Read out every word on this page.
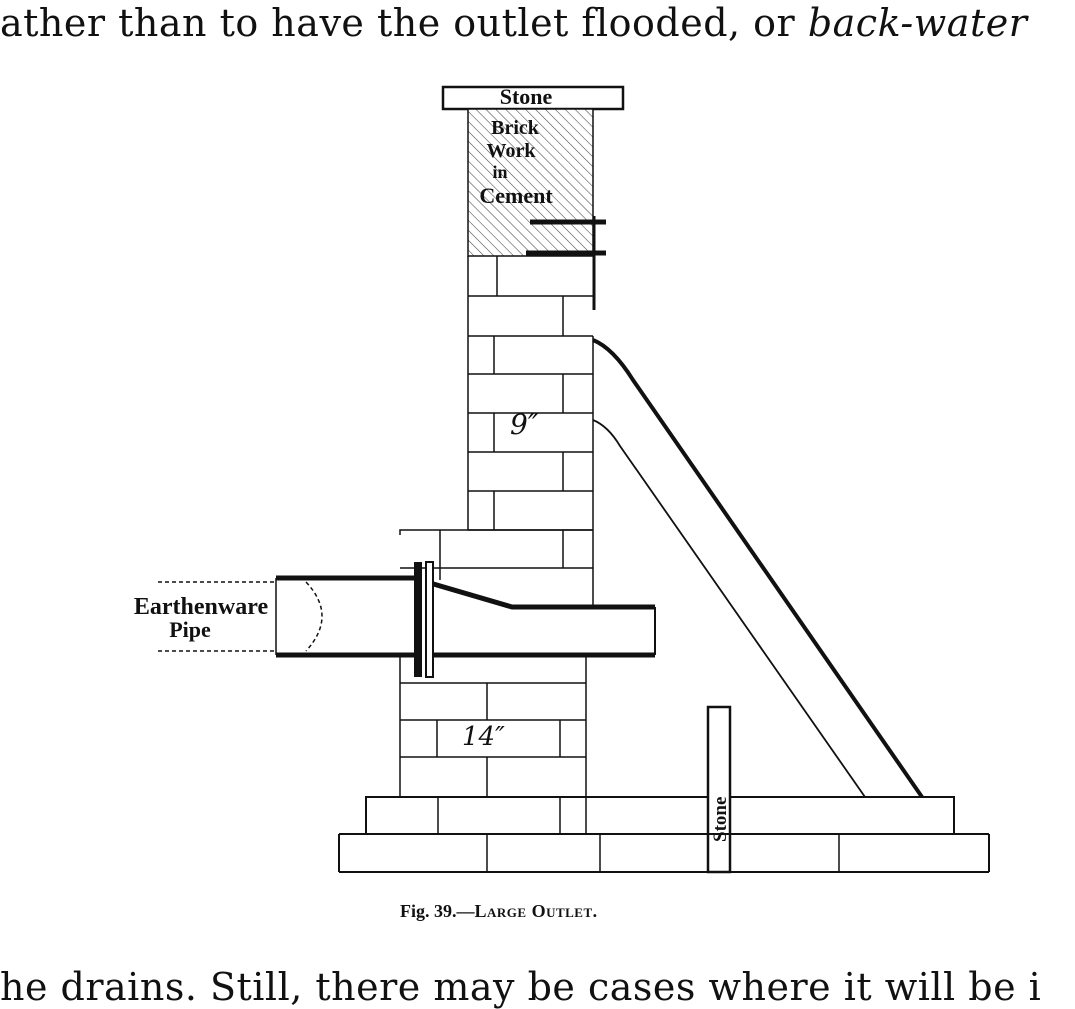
ather than to have the outlet flooded, or back-water

Stone
Brick
Work
in
Cement
Earthenware
Pipe
Stone
9″
14″

Fig. 39.—Large Outlet.

he drains. Still, there may be cases where it will be i
